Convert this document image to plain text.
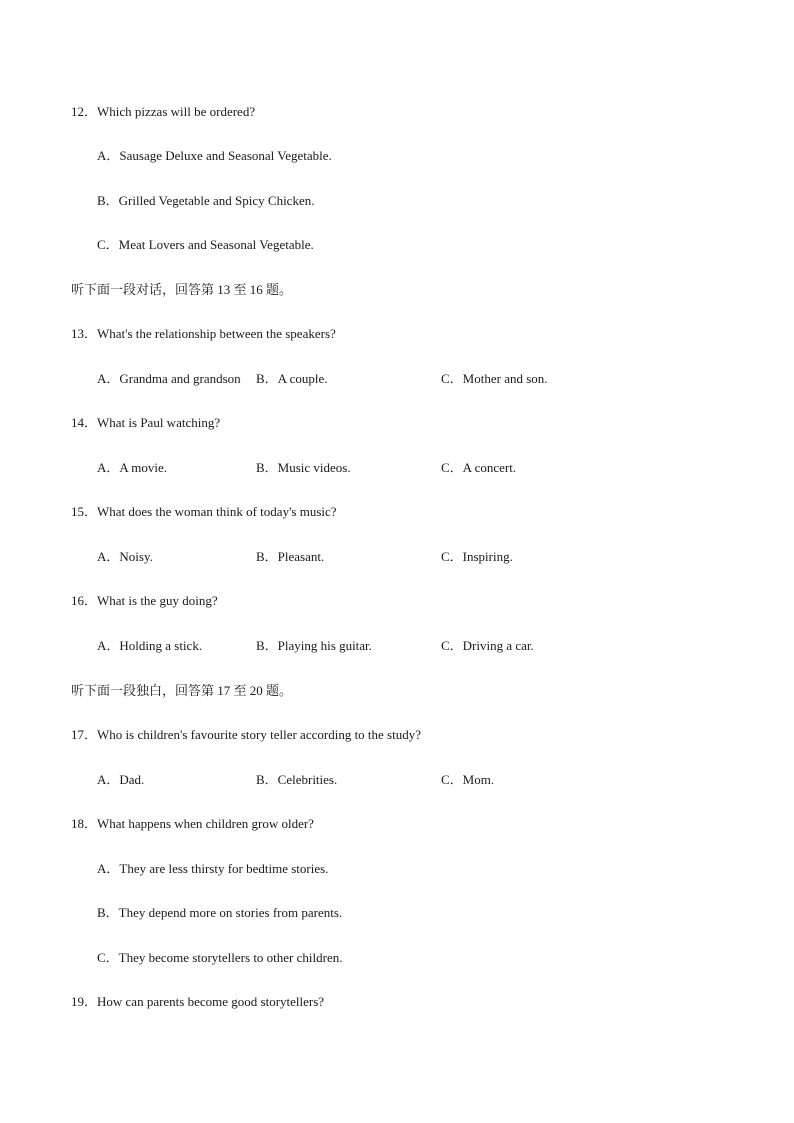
12．Which pizzas will be ordered?
A．Sausage Deluxe and Seasonal Vegetable.
B．Grilled Vegetable and Spicy Chicken.
C．Meat Lovers and Seasonal Vegetable.
听下面一段对话，回答第 13 至 16 题。
13．What's the relationship between the speakers?
A．Grandma and grandson B．A couple.	C．Mother and son.
14．What is Paul watching?
A．A movie.	B．Music videos.	C．A concert.
15．What does the woman think of today's music?
A．Noisy.	B．Pleasant.	C．Inspiring.
16．What is the guy doing?
A．Holding a stick.	B．Playing his guitar.	C．Driving a car.
听下面一段独白，回答第 17 至 20 题。
17．Who is children's favourite story teller according to the study?
A．Dad.	B．Celebrities.	C．Mom.
18．What happens when children grow older?
A．They are less thirsty for bedtime stories.
B．They depend more on stories from parents.
C．They become storytellers to other children.
19．How can parents become good storytellers?
